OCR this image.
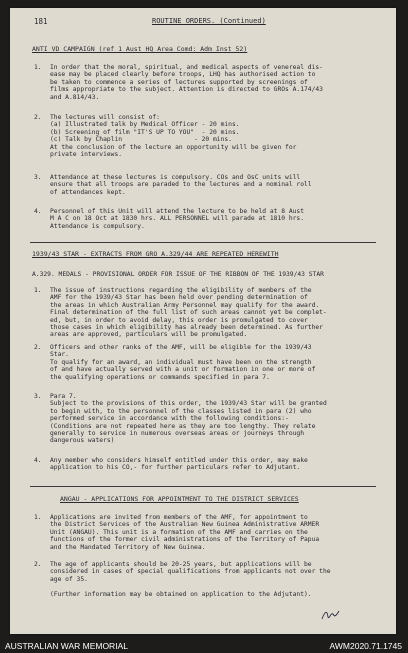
181	ROUTINE ORDERS. (Continued)
ANTI VD CAMPAIGN (ref 1 Aust HQ Area Comd: Adm Inst 52)
1.	In order that the moral, spiritual, and medical aspects of venereal dis-
ease may be placed clearly before troops, LHQ has authorised action to
be taken to commence a series of lectures supported by screenings of
films appropriate to the subject. Attention is directed to GROs A.174/43
and A.814/43.
2.	The lectures will consist of:
(a) Illustrated talk by Medical Officer - 20 mins.
(b) Screening of film "IT'S UP TO YOU"  - 20 mins.
(c) Talk by Chaplin                   - 20 mins.
At the conclusion of the lecture an opportunity will be given for
private interviews.
3.	Attendance at these lectures is compulsory. COs and OsC units will
ensure that all troops are paraded to the lectures and a nominal roll
of attendances kept.
4.	Personnel of this Unit will attend the lecture to be held at 8 Aust
M A C on 18 Oct at 1830 hrs. ALL PERSONNEL will parade at 1810 hrs.
Attendance is compulsory.
1939/43 STAR - EXTRACTS FROM GRO A.329/44 ARE REPEATED HEREWITH
A.329. MEDALS - PROVISIONAL ORDER FOR ISSUE OF THE RIBBON OF THE 1939/43 STAR
1.	The issue of instructions regarding the eligibility of members of the
AMF for the 1939/43 Star has been held over pending determination of
the areas in which Australian Army Personnel may qualify for the award.
Final determination of the full list of such areas cannot yet be complet-
ed, but, in order to avoid delay, this order is promulgated to cover
those cases in which eligibility has already been determined. As further
areas are approved, particulars will be promulgated.
2.	Officers and other ranks of the AMF, will be eligible for the 1939/43
Star.
To qualify for an award, an individual must have been on the strength
of and have actually served with a unit or formation in one or more of
the qualifying operations or commands specified in para 7.
3.	Para 7.
Subject to the provisions of this order, the 1939/43 Star will be granted
to begin with, to the personnel of the classes listed in para (2) who
performed service in accordance with the following conditions:-
(Conditions are not repeated here as they are too lengthy. They relate
generally to service in numerous overseas areas or journeys through
dangerous waters)
4.	Any member who considers himself entitled under this order, may make
application to his CO,- for further particulars refer to Adjutant.
ANGAU - APPLICATIONS FOR APPOINTMENT TO THE DISTRICT SERVICES
1.	Applications are invited from members of the AMF, for appointment to
the District Services of the Australian New Guinea Administrative ARMER
Unit (ANGAU). This unit is a formation of the AMF and carries on the
functions of the former civil administrations of the Territory of Papua
and the Mandated Territory of New Guinea.
2.	The age of applicants should be 20-25 years, but applications will be
considered in cases of special qualifications from applicants not over the
age of 35.

(Further information may be obtained on application to the Adjutant).
AUSTRALIAN WAR MEMORIAL	AWM2020.71.1745
